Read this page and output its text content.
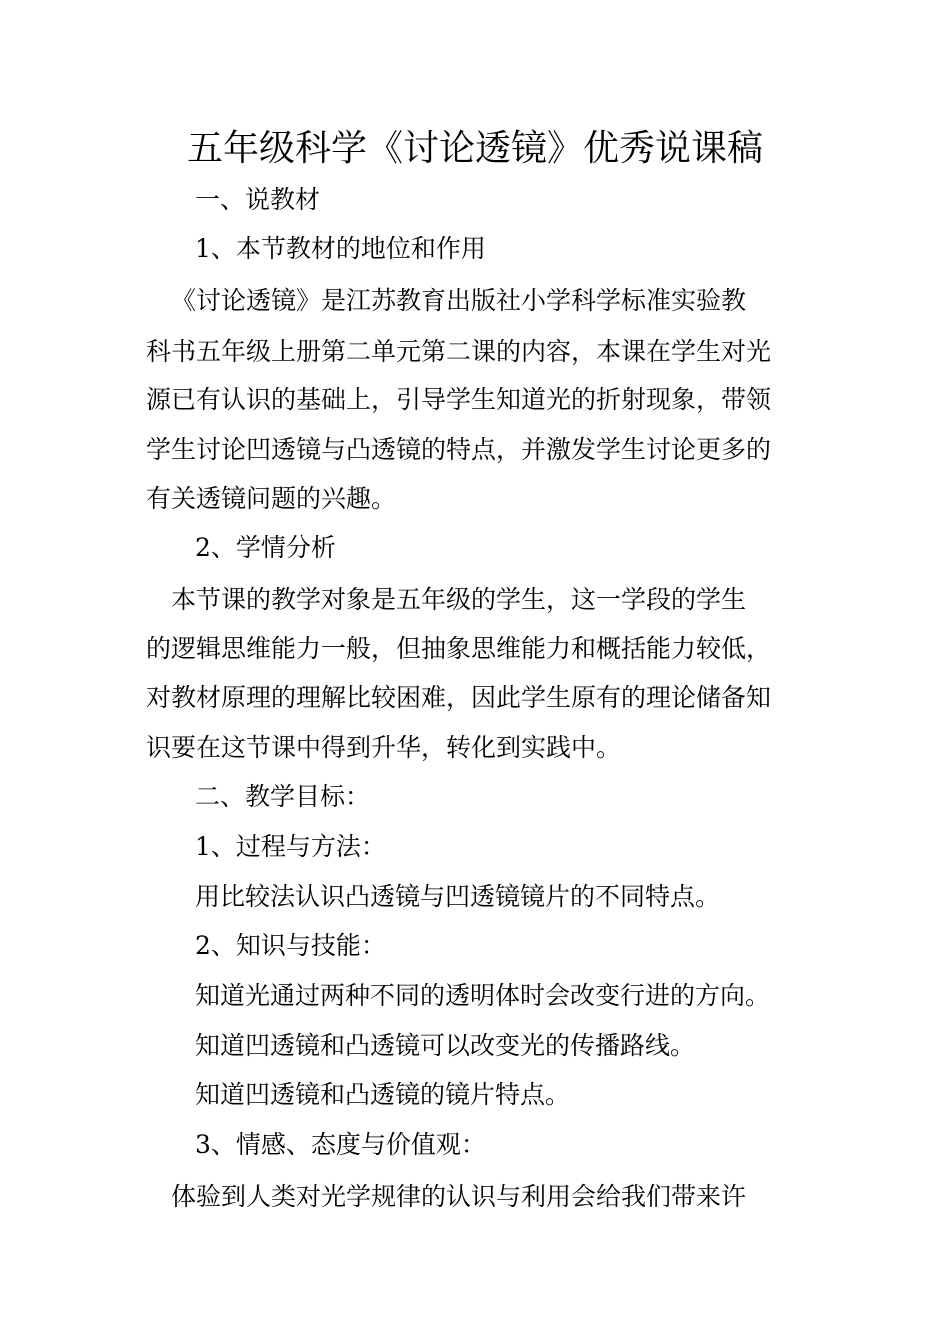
五年级科学《讨论透镜》优秀说课稿

一、说教材

1、本节教材的地位和作用

《讨论透镜》是江苏教育出版社小学科学标准实验教

科书五年级上册第二单元第二课的内容，本课在学生对光

源已有认识的基础上，引导学生知道光的折射现象，带领

学生讨论凹透镜与凸透镜的特点，并激发学生讨论更多的

有关透镜问题的兴趣。

2、学情分析

本节课的教学对象是五年级的学生，这一学段的学生

的逻辑思维能力一般，但抽象思维能力和概括能力较低，

对教材原理的理解比较困难，因此学生原有的理论储备知

识要在这节课中得到升华，转化到实践中。

二、教学目标：

1、过程与方法：

用比较法认识凸透镜与凹透镜镜片的不同特点。

2、知识与技能：

知道光通过两种不同的透明体时会改变行进的方向。

知道凹透镜和凸透镜可以改变光的传播路线。

知道凹透镜和凸透镜的镜片特点。

3、情感、态度与价值观：

体验到人类对光学规律的认识与利用会给我们带来许
